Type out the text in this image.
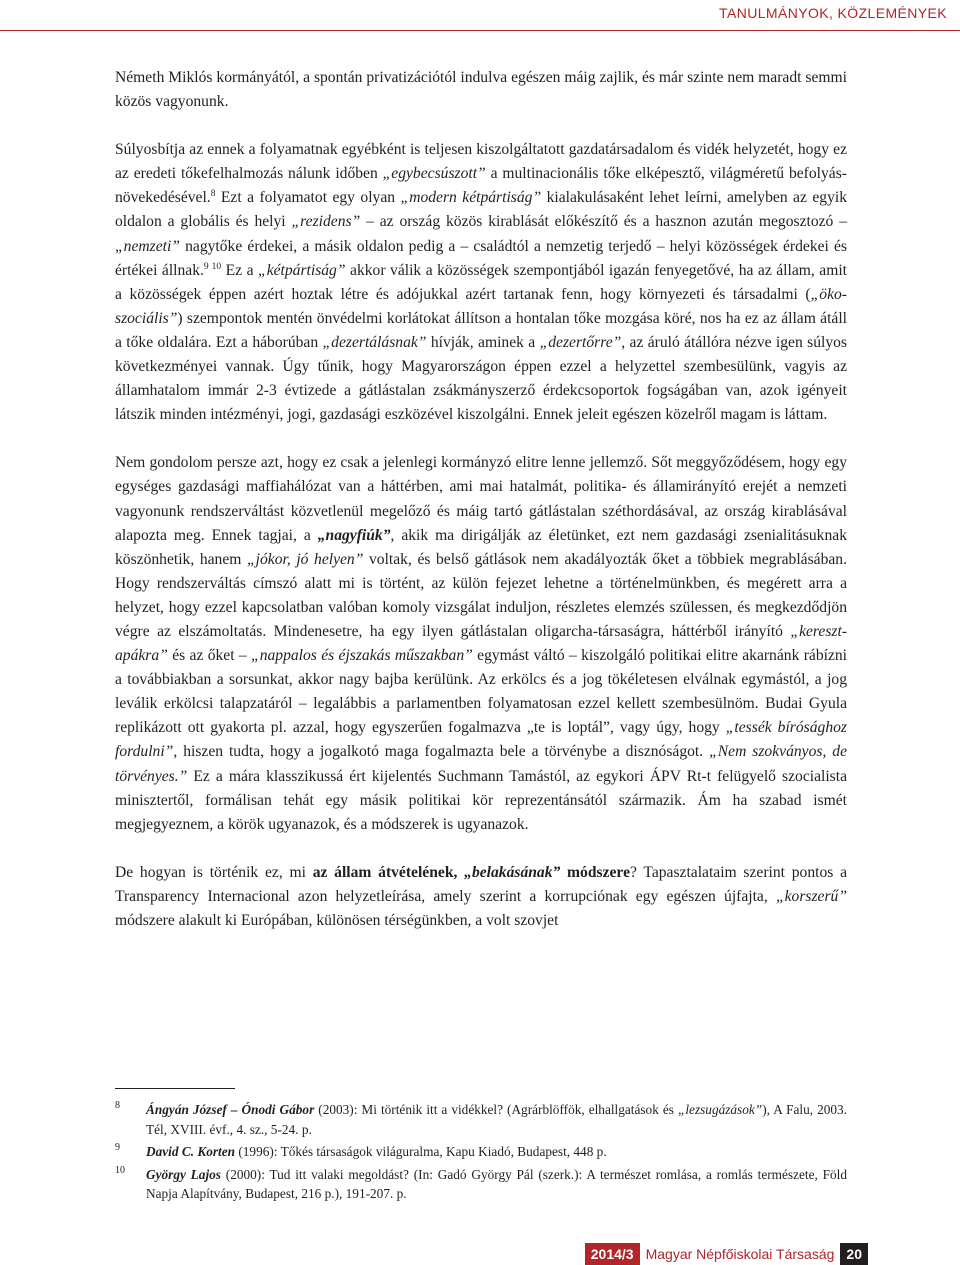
TANULMÁNYOK, KÖZLEMÉNYEK

Németh Miklós kormányától, a spontán privatizációtól indulva egészen máig zajlik, és már szinte nem maradt semmi közös vagyonunk.

Súlyosbítja az ennek a folyamatnak egyébként is teljesen kiszolgáltatott gazdatársadalom és vidék helyzetét, hogy ez az eredeti tőkefelhalmozás nálunk időben „egybecsúszott” a multinacionális tőke elképesztő, világméretű befolyás-növekedésével.$^8$ Ezt a folyamatot egy olyan „modern kétpártiság” kialakulásaként lehet leírni, amelyben az egyik oldalon a globális és helyi „rezidens” – az ország közös kirablását előkészítő és a hasznon azután megosztozó – „nemzeti” nagytőke érdekei, a másik oldalon pedig a – családtól a nemzetig terjedő – helyi közösségek érdekei és értékei állnak.$^{9 10}$ Ez a „kétpártiság” akkor válik a közösségek szempontjából igazán fenyegetővé, ha az állam, amit a közösségek éppen azért hoztak létre és adójukkal azért tartanak fenn, hogy környezeti és társadalmi („öko-szociális”) szempontok mentén önvédelmi korlátokat állítson a hontalan tőke mozgása köré, nos ha ez az állam átáll a tőke oldalára. Ezt a háborúban „dezertálásnak” hívják, aminek a „dezertőrre”, az áruló átállóra nézve igen súlyos következményei vannak. Úgy tűnik, hogy Magyarországon éppen ezzel a helyzettel szembesülünk, vagyis az államhatalom immár 2-3 évtizede a gátlástalan zsákmányszerző érdekcsoportok fogságában van, azok igényeit látszik minden intézményi, jogi, gazdasági eszközével kiszolgálni. Ennek jeleit egészen közelről magam is láttam.

Nem gondolom persze azt, hogy ez csak a jelenlegi kormányzó elitre lenne jellemző. Sőt meggyőződésem, hogy egy egységes gazdasági maffiahálózat van a háttérben, ami mai hatalmát, politika- és államirányító erejét a nemzeti vagyonunk rendszerváltást közvetlenül megelőző és máig tartó gátlástalan széthordásával, az ország kirablásával alapozta meg. Ennek tagjai, a „nagyfiúk”, akik ma dirigálják az életünket, ezt nem gazdasági zsenialitásuknak köszönhetik, hanem „jókor, jó helyen” voltak, és belső gátlások nem akadályozták őket a többiek megrablásában. Hogy rendszerváltás címszó alatt mi is történt, az külön fejezet lehetne a történelmünkben, és megérett arra a helyzet, hogy ezzel kapcsolatban valóban komoly vizsgálat induljon, részletes elemzés szülessen, és megkezdődjön végre az elszámoltatás. Mindenesetre, ha egy ilyen gátlástalan oligarcha-társaságra, háttérből irányító „keresztapákra” és az őket – „nappalos és éjszakás műszakban” egymást váltó – kiszolgáló politikai elitre akarnánk rábízni a továbbiakban a sorsunkat, akkor nagy bajba kerülünk. Az erkölcs és a jog tökéletesen elválnak egymástól, a jog leválik erkölcsi talapzatáról – legalábbis a parlamentben folyamatosan ezzel kellett szembesülnöm. Budai Gyula replikázott ott gyakorta pl. azzal, hogy egyszerűen fogalmazva „te is loptál”, vagy úgy, hogy „tessék bírósághoz fordulni”, hiszen tudta, hogy a jogalkotó maga fogalmazta bele a törvénybe a disznóságot. „Nem szokványos, de törvényes.” Ez a mára klasszikussá ért kijelentés Suchmann Tamástól, az egykori ÁPV Rt-t felügyelő szocialista minisztertől, formálisan tehát egy másik politikai kör reprezentánsától származik. Ám ha szabad ismét megjegyeznem, a körök ugyanazok, és a módszerek is ugyanazok.

De hogyan is történik ez, mi az állam átvételének, „belakásának” módszere? Tapasztalataim szerint pontos a Transparency Internacional azon helyzetleírása, amely szerint a korrupciónak egy egészen újfajta, „korszerű” módszere alakult ki Európában, különösen térségünkben, a volt szovjet

8 Ángyán József – Ónodi Gábor (2003): Mi történik itt a vidékkel? (Agrárblöffök, elhallgatások és „lezsugázások”), A Falu, 2003. Tél, XVIII. évf., 4. sz., 5-24. p.
9 David C. Korten (1996): Tőkés társaságok világuralma, Kapu Kiadó, Budapest, 448 p.
10 György Lajos (2000): Tud itt valaki megoldást? (In: Gadó György Pál (szerk.): A természet romlása, a romlás természete, Föld Napja Alapítvány, Budapest, 216 p.), 191-207. p.
2014/3 Magyar Népfőiskolai Társaság 20
